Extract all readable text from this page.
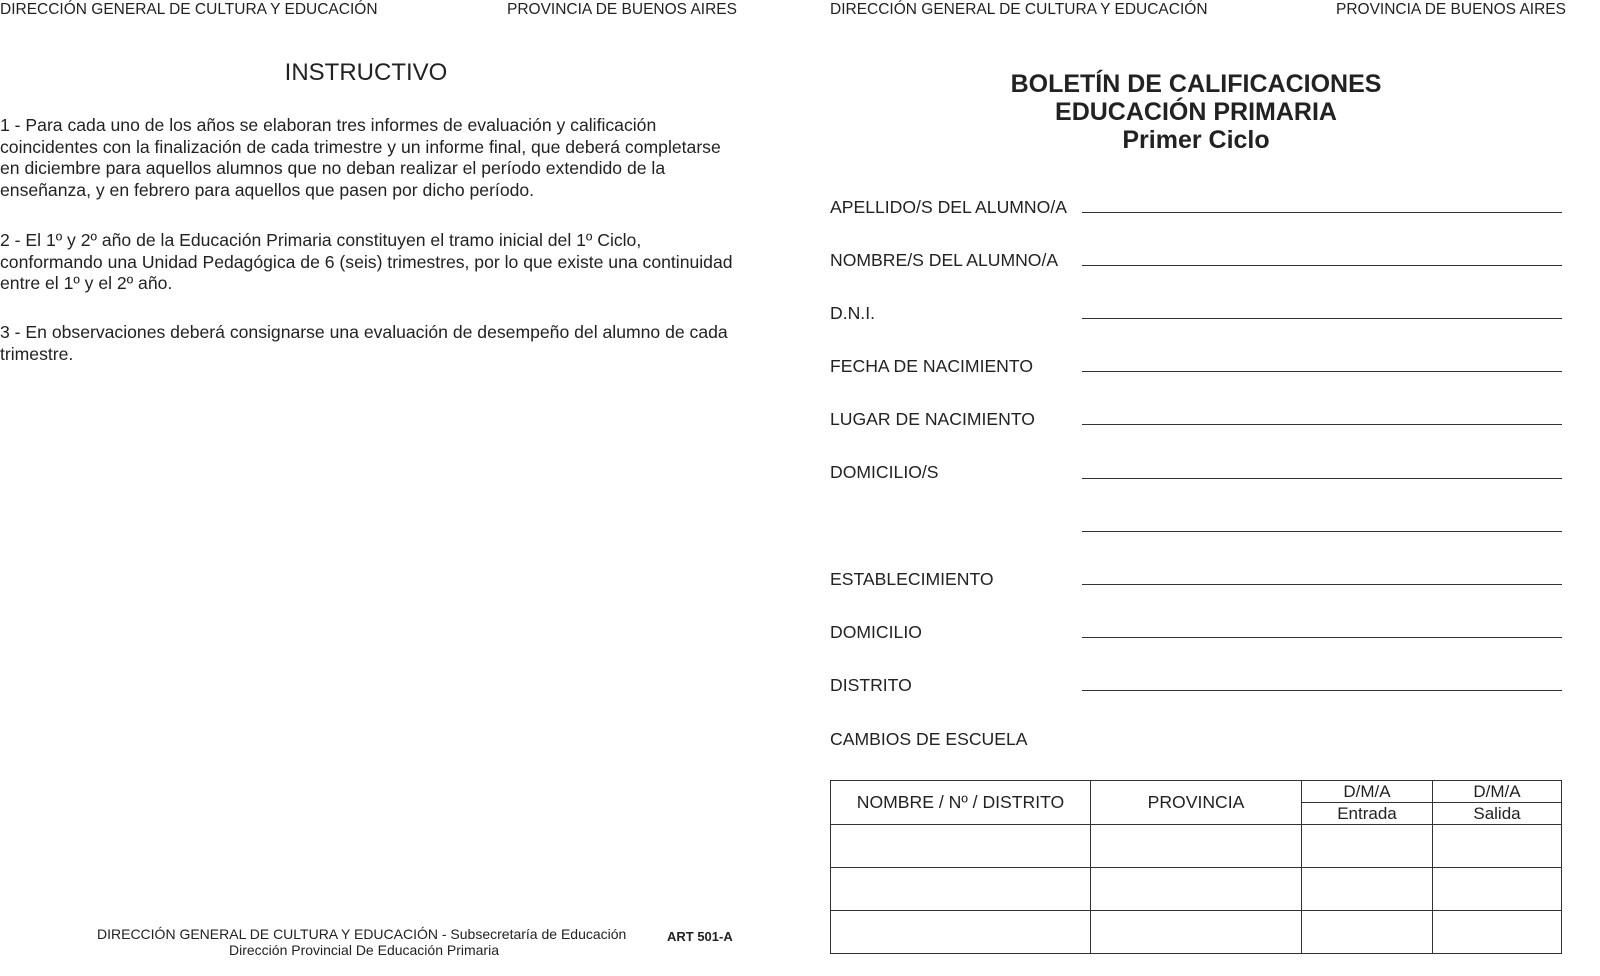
DIRECCIÓN GENERAL DE CULTURA Y EDUCACIÓN	PROVINCIA DE BUENOS AIRES
INSTRUCTIVO
1 - Para cada uno de los años se elaboran tres informes de evaluación y calificación coincidentes con la finalización de cada trimestre y un informe final, que deberá completarse en diciembre para aquellos alumnos que no deban realizar el período extendido de la enseñanza, y en febrero para aquellos que pasen por dicho período.
2 - El 1º y 2º año de la Educación Primaria constituyen el tramo inicial del 1º Ciclo, conformando una Unidad Pedagógica de 6 (seis) trimestres, por lo que existe una continuidad entre el 1º y el 2º año.
3 - En observaciones deberá consignarse una evaluación de desempeño del alumno de cada trimestre.
DIRECCIÓN GENERAL DE CULTURA Y EDUCACIÓN - Subsecretaría de Educación
Dirección Provincial De Educación Primaria
ART 501-A
DIRECCIÓN GENERAL DE CULTURA Y EDUCACIÓN	PROVINCIA DE BUENOS AIRES
BOLETÍN DE CALIFICACIONES
EDUCACIÓN PRIMARIA
Primer Ciclo
APELLIDO/S DEL ALUMNO/A
NOMBRE/S DEL ALUMNO/A
D.N.I.
FECHA DE NACIMIENTO
LUGAR DE NACIMIENTO
DOMICILIO/S
ESTABLECIMIENTO
DOMICILIO
DISTRITO
CAMBIOS DE ESCUELA
NOMBRE / Nº / DISTRITO	PROVINCIA	D/M/A	D/M/A
		Entrada	Salida
